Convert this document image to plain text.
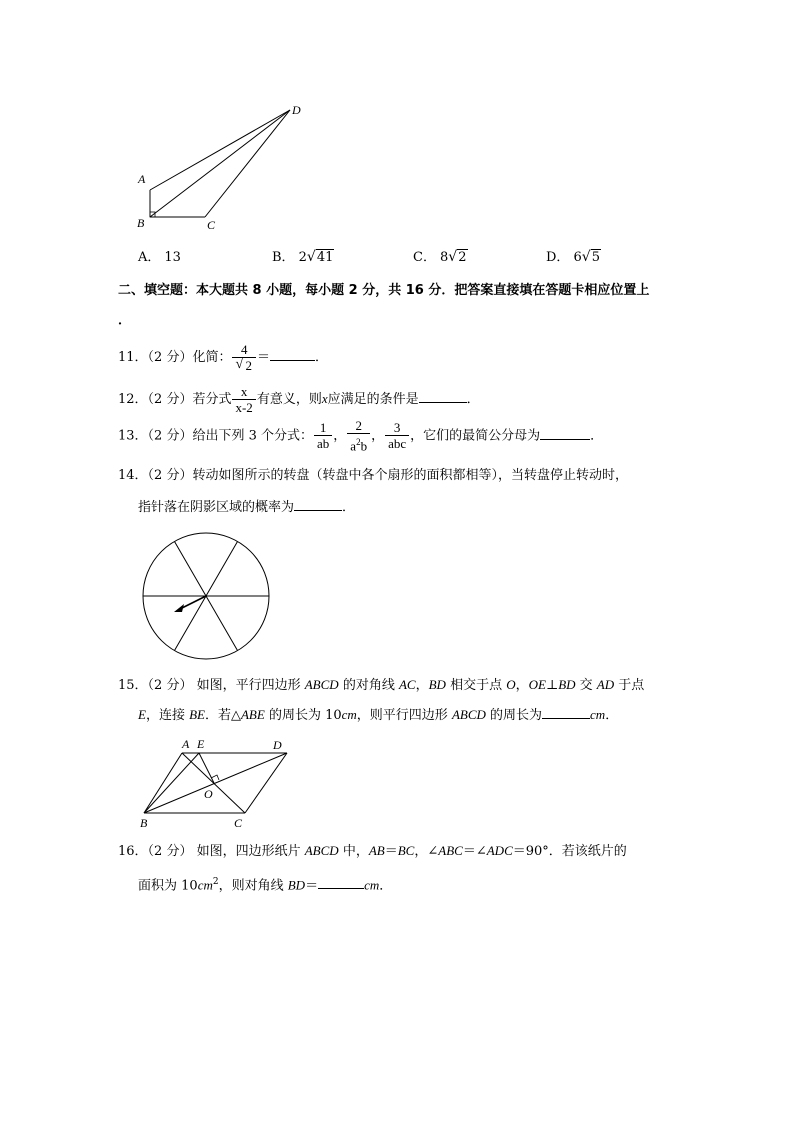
D
A
B	C
A． 13	B． 2 √ 41	C． 8 √ 2	D． 6 √ 5
二、填空题：本大题共 8 小题，每小题 2 分，共 16 分．把答案直接填在答题卡相应位置上
．
11．（2 分）化简： $\frac{4}{√ 2}$ ＝	．
12．（2 分）若分式 $\frac{x}{x-2}$ 有意义，则x应满足的条件是	．
13．（2 分）给出下列 3 个分式： $\frac{1}{ab}$ ， $\frac{2}{a^2b}$ ， $\frac{3}{\text{abc}}$ ，它们的最简公分母为	．
14．（2 分）转动如图所示的转盘（转盘中各个扇形的面积都相等），当转盘停止转动时，
指针落在阴影区域的概率为	．
15．（2 分） 如图，平行四边形 ABCD 的对角线 AC，BD 相交于点 O，OE⊥BD 交 AD 于点
E，连接 BE．若△ABE 的周长为 10cm，则平行四边形 ABCD 的周长为	cm．
A E	D
O
B	C
16．（2 分） 如图，四边形纸片 ABCD 中，AB＝BC，∠ABC＝∠ADC＝90°．若该纸片的
面积为 $10cm^2$，则对角线 BD＝	cm．
